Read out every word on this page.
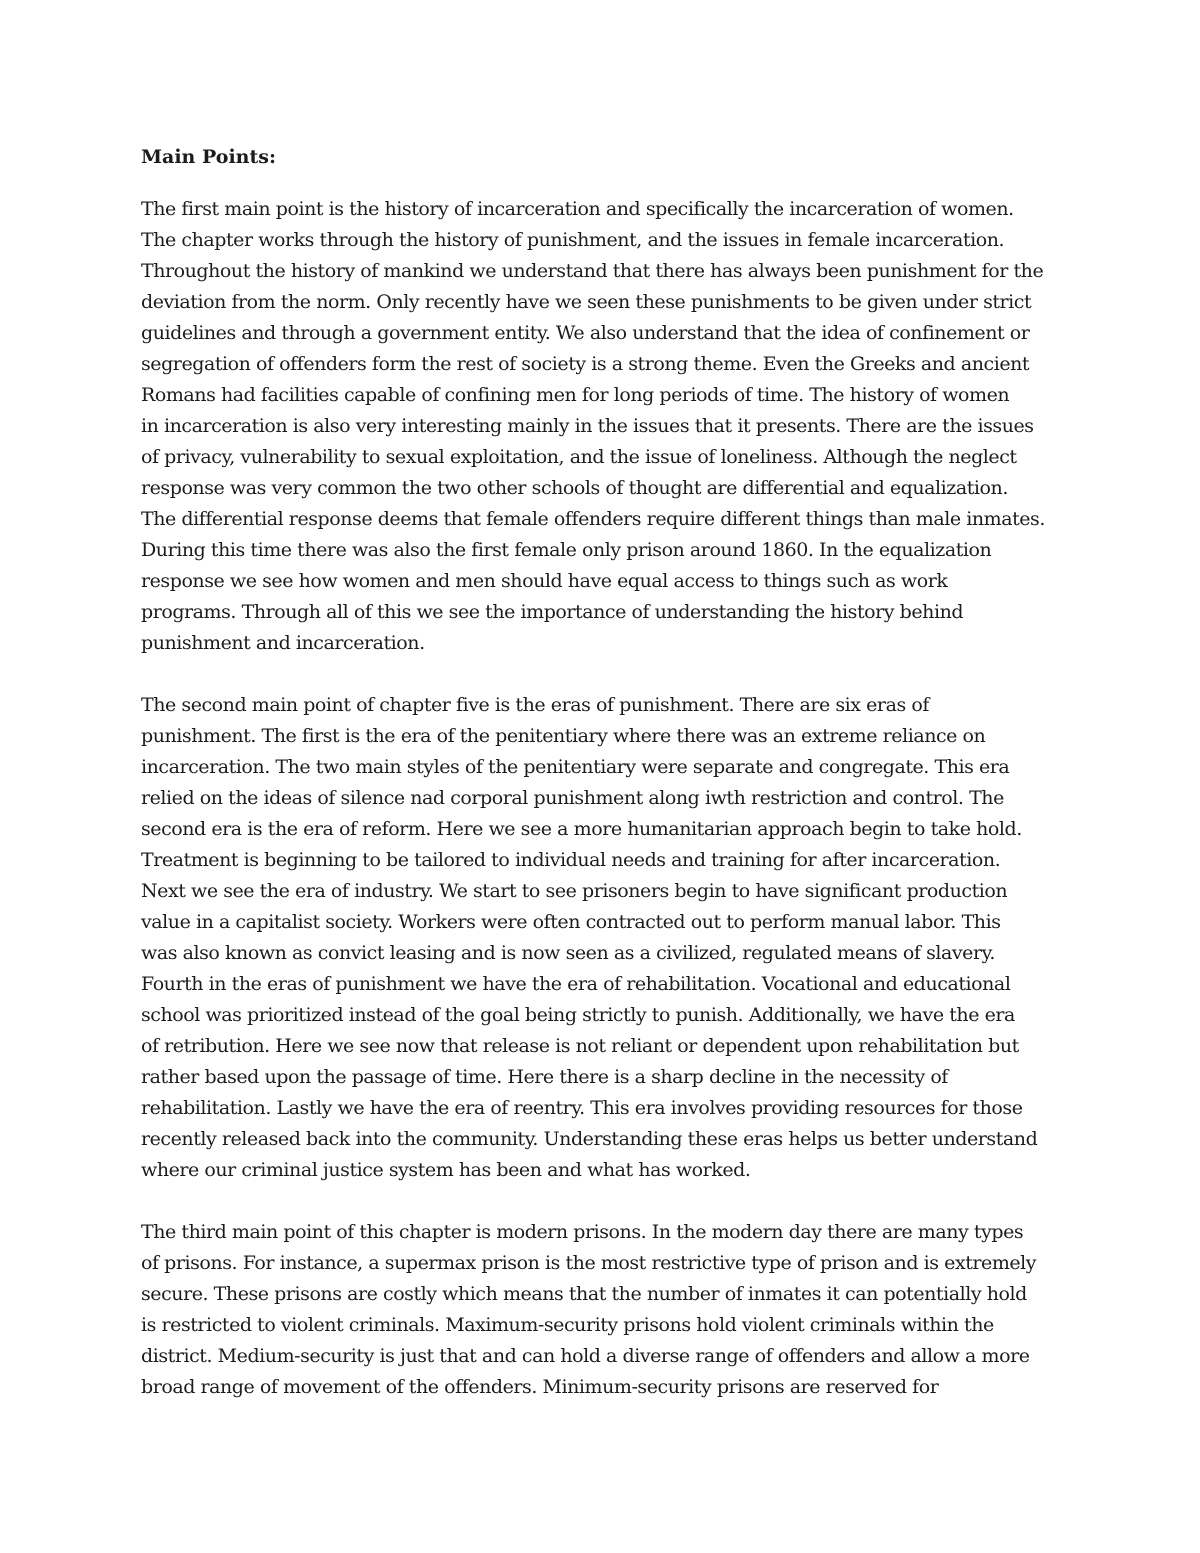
Main Points:
The first main point is the history of incarceration and specifically the incarceration of women.
The chapter works through the history of punishment, and the issues in female incarceration.
Throughout the history of mankind we understand that there has always been punishment for the
deviation from the norm. Only recently have we seen these punishments to be given under strict
guidelines and through a government entity. We also understand that the idea of confinement or
segregation of offenders form the rest of society is a strong theme. Even the Greeks and ancient
Romans had facilities capable of confining men for long periods of time. The history of women
in incarceration is also very interesting mainly in the issues that it presents. There are the issues
of privacy, vulnerability to sexual exploitation, and the issue of loneliness. Although the neglect
response was very common the two other schools of thought are differential and equalization.
The differential response deems that female offenders require different things than male inmates.
During this time there was also the first female only prison around 1860. In the equalization
response we see how women and men should have equal access to things such as work
programs. Through all of this we see the importance of understanding the history behind
punishment and incarceration.
The second main point of chapter five is the eras of punishment. There are six eras of
punishment. The first is the era of the penitentiary where there was an extreme reliance on
incarceration. The two main styles of the penitentiary were separate and congregate. This era
relied on the ideas of silence nad corporal punishment along iwth restriction and control. The
second era is the era of reform. Here we see a more humanitarian approach begin to take hold.
Treatment is beginning to be tailored to individual needs and training for after incarceration.
Next we see the era of industry. We start to see prisoners begin to have significant production
value in a capitalist society. Workers were often contracted out to perform manual labor. This
was also known as convict leasing and is now seen as a civilized, regulated means of slavery.
Fourth in the eras of punishment we have the era of rehabilitation. Vocational and educational
school was prioritized instead of the goal being strictly to punish. Additionally, we have the era
of retribution. Here we see now that release is not reliant or dependent upon rehabilitation but
rather based upon the passage of time. Here there is a sharp decline in the necessity of
rehabilitation. Lastly we have the era of reentry. This era involves providing resources for those
recently released back into the community. Understanding these eras helps us better understand
where our criminal justice system has been and what has worked.
The third main point of this chapter is modern prisons. In the modern day there are many types
of prisons. For instance, a supermax prison is the most restrictive type of prison and is extremely
secure. These prisons are costly which means that the number of inmates it can potentially hold
is restricted to violent criminals. Maximum-security prisons hold violent criminals within the
district. Medium-security is just that and can hold a diverse range of offenders and allow a more
broad range of movement of the offenders. Minimum-security prisons are reserved for
